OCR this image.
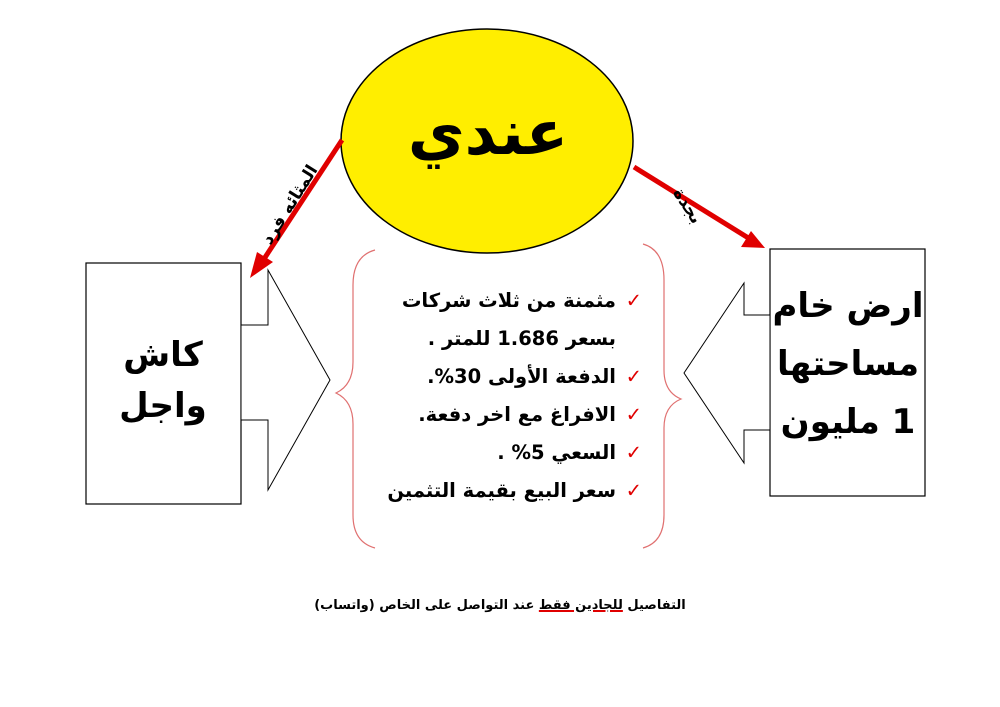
عندي
المثائه فرد	بجدة
كاش
واجل
ارض خام
مساحتها
1 مليون
✓
مثمنة من ثلاث شركات
بسعر 1.686 للمتر .
✓
الدفعة الأولى 30%.
✓
الافراغ مع اخر دفعة.
✓
السعي 5% .
✓
سعر البيع بقيمة التثمين
التفاصيل للجادين فقط عند التواصل على الخاص (واتساب)
